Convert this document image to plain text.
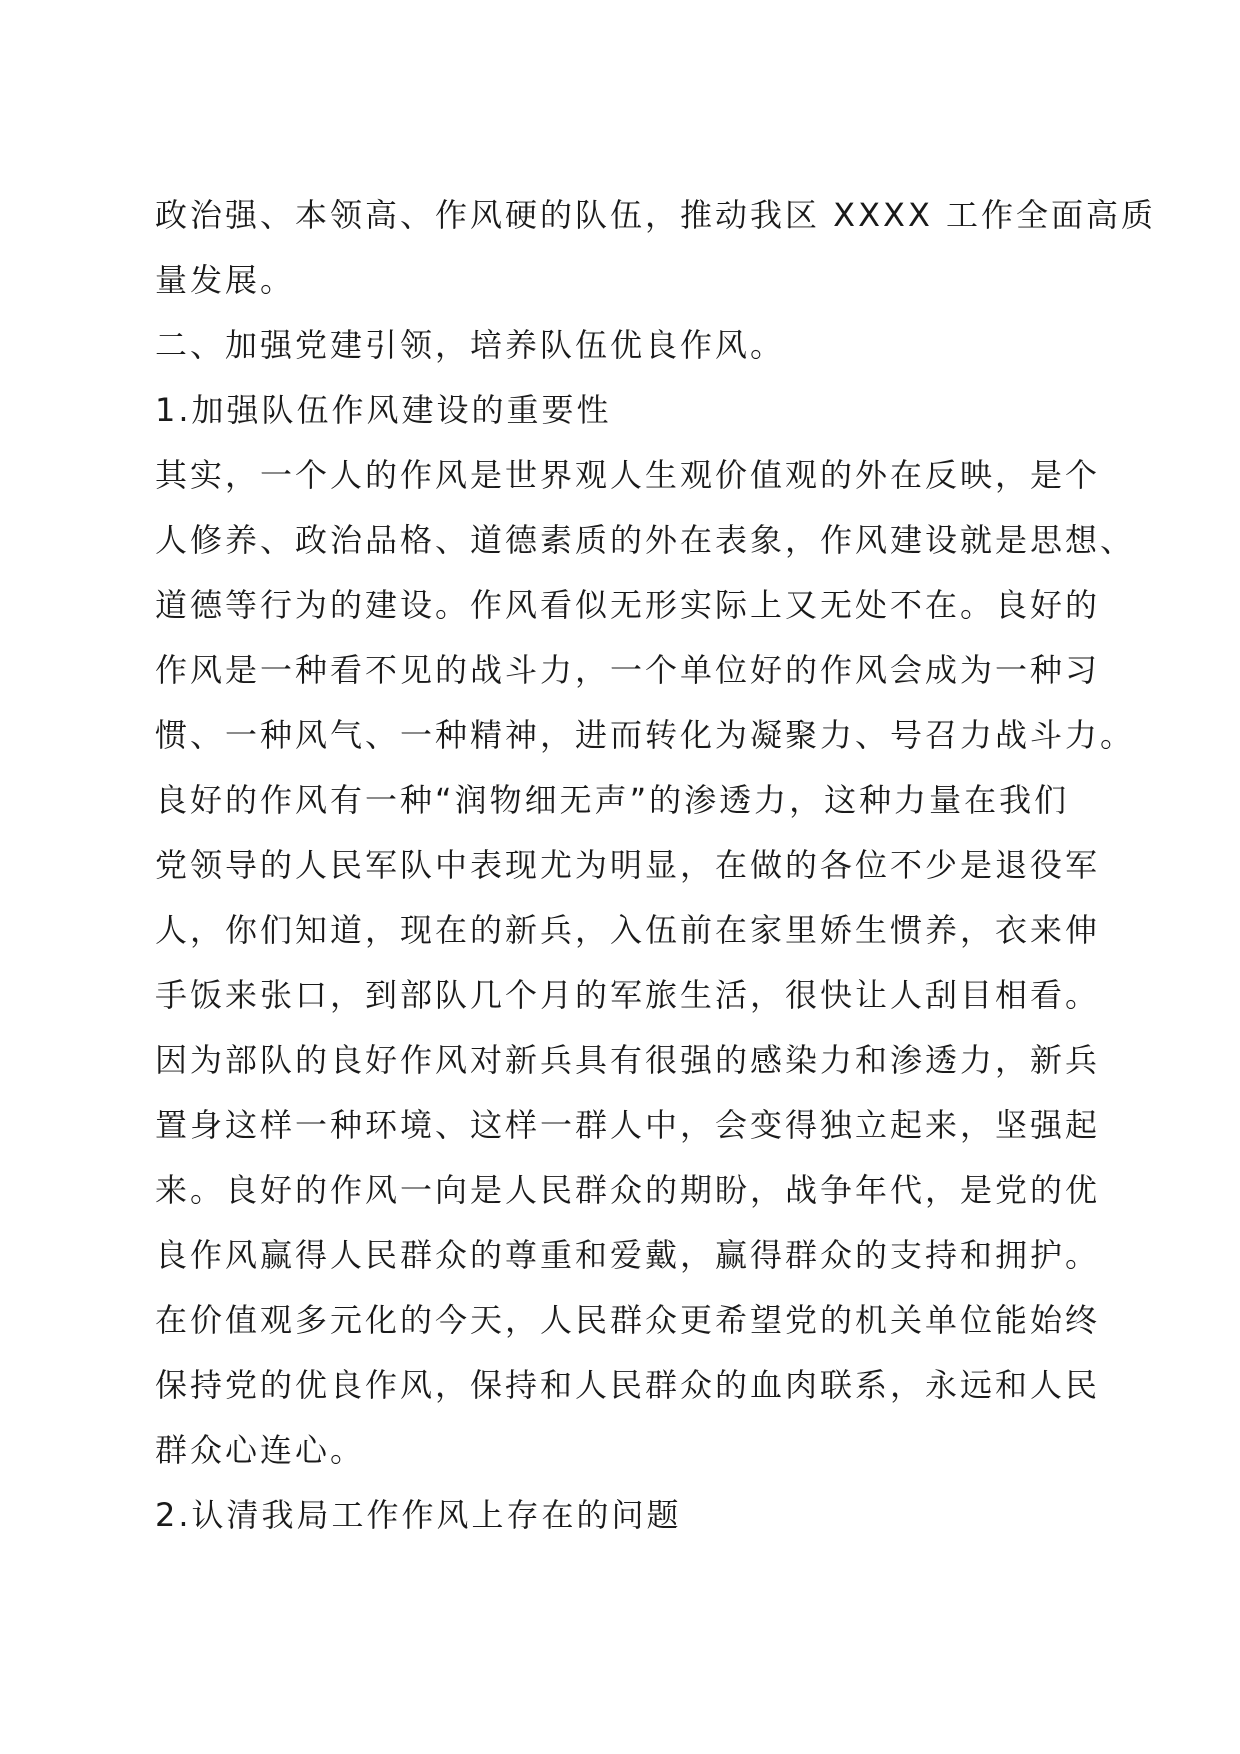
政治强、本领高、作风硬的队伍，推动我区 XXXX 工作全面高质
量发展。
二、加强党建引领，培养队伍优良作风。
1.加强队伍作风建设的重要性
其实，一个人的作风是世界观人生观价值观的外在反映，是个
人修养、政治品格、道德素质的外在表象，作风建设就是思想、
道德等行为的建设。作风看似无形实际上又无处不在。良好的
作风是一种看不见的战斗力，一个单位好的作风会成为一种习
惯、一种风气、一种精神，进而转化为凝聚力、号召力战斗力。
良好的作风有一种“润物细无声”的渗透力，这种力量在我们
党领导的人民军队中表现尤为明显，在做的各位不少是退役军
人，你们知道，现在的新兵，入伍前在家里娇生惯养，衣来伸
手饭来张口，到部队几个月的军旅生活，很快让人刮目相看。
因为部队的良好作风对新兵具有很强的感染力和渗透力，新兵
置身这样一种环境、这样一群人中，会变得独立起来，坚强起
来。良好的作风一向是人民群众的期盼，战争年代，是党的优
良作风赢得人民群众的尊重和爱戴，赢得群众的支持和拥护。
在价值观多元化的今天，人民群众更希望党的机关单位能始终
保持党的优良作风，保持和人民群众的血肉联系，永远和人民
群众心连心。
2.认清我局工作作风上存在的问题
